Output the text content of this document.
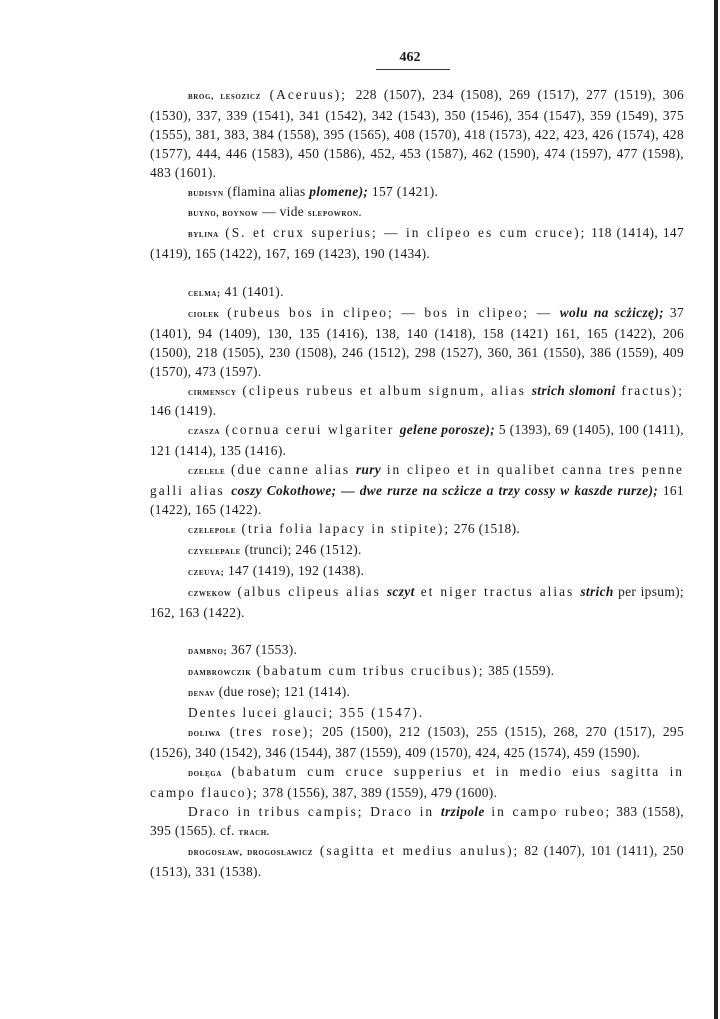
462

brog, lesozicz (Aceruus); 228 (1507), 234 (1508), 269 (1517), 277 (1519), 306 (1530), 337, 339 (1541), 341 (1542), 342 (1543), 350 (1546), 354 (1547), 359 (1549), 375 (1555), 381, 383, 384 (1558), 395 (1565), 408 (1570), 418 (1573), 422, 423, 426 (1574), 428 (1577), 444, 446 (1583), 450 (1586), 452, 453 (1587), 462 (1590), 474 (1597), 477 (1598), 483 (1601).

budisyn (flamina alias plomene); 157 (1421).

buyno, boynow — vide slepowron.

bylina (S. et crux superius; — in clipeo es cum cruce); 118 (1414), 147 (1419), 165 (1422), 167, 169 (1423), 190 (1434).

celma; 41 (1401).

ciołek (rubeus bos in clipeo; — bos in clipeo; — wolu na scżiczę); 37 (1401), 94 (1409), 130, 135 (1416), 138, 140 (1418), 158 (1421) 161, 165 (1422), 206 (1500), 218 (1505), 230 (1508), 246 (1512), 298 (1527), 360, 361 (1550), 386 (1559), 409 (1570), 473 (1597).

cirmenscy (clipeus rubeus et album signum, alias strich slomoni fractus); 146 (1419).

czasza (cornua cerui wlgariter gelene porosze); 5 (1393), 69 (1405), 100 (1411), 121 (1414), 135 (1416).

czelele (due canne alias rury in clipeo et in qualibet canna tres penne galli alias coszy Cokothowe; — dwe rurze na scżicze a trzy cossy w kaszde rurze); 161 (1422), 165 (1422).

czelepole (tria folia lapacy in stipite); 276 (1518).

czyelepale (trunci); 246 (1512).

czeuya; 147 (1419), 192 (1438).

czwekow (albus clipeus alias sczyt et niger tractus alias strich per ipsum); 162, 163 (1422).

dambno; 367 (1553).

dambrowczik (babatum cum tribus crucibus); 385 (1559).

denav (due rose); 121 (1414).

Dentes lucei glauci; 355 (1547).

doliwa (tres rose); 205 (1500), 212 (1503), 255 (1515), 268, 270 (1517), 295 (1526), 340 (1542), 346 (1544), 387 (1559), 409 (1570), 424, 425 (1574), 459 (1590).

dołęga (babatum cum cruce supperius et in medio eius sagitta in campo flauco); 378 (1556), 387, 389 (1559), 479 (1600).

Draco in tribus campis; Draco in trzipole in campo rubeo; 383 (1558), 395 (1565). cf. trach.

drogosław, drogosławicz (sagitta et medius anulus); 82 (1407), 101 (1411), 250 (1513), 331 (1538).
